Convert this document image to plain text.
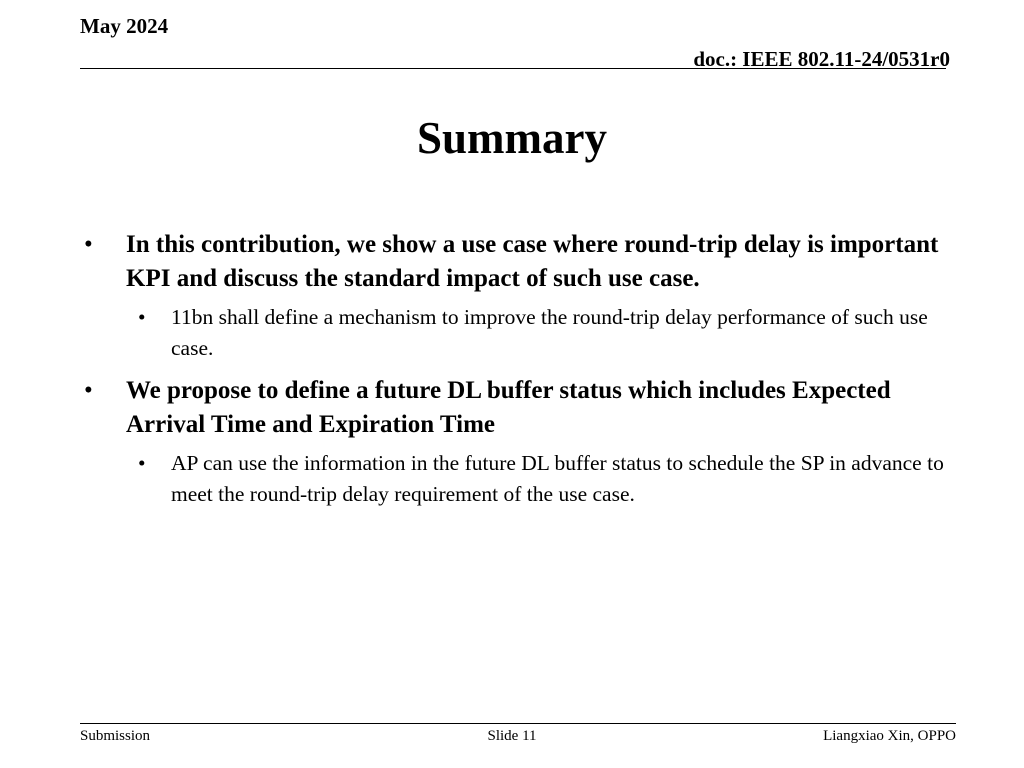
May 2024
doc.: IEEE 802.11-24/0531r0
Summary
• In this contribution, we show a use case where round-trip delay is important KPI and discuss the standard impact of such use case.
• 11bn shall define a mechanism to improve the round-trip delay performance of such use case.
• We propose to define a future DL buffer status which includes Expected Arrival Time and Expiration Time
• AP can use the information in the future DL buffer status to schedule the SP in advance to meet the round-trip delay requirement of the use case.
Submission	Slide 11	Liangxiao Xin, OPPO
